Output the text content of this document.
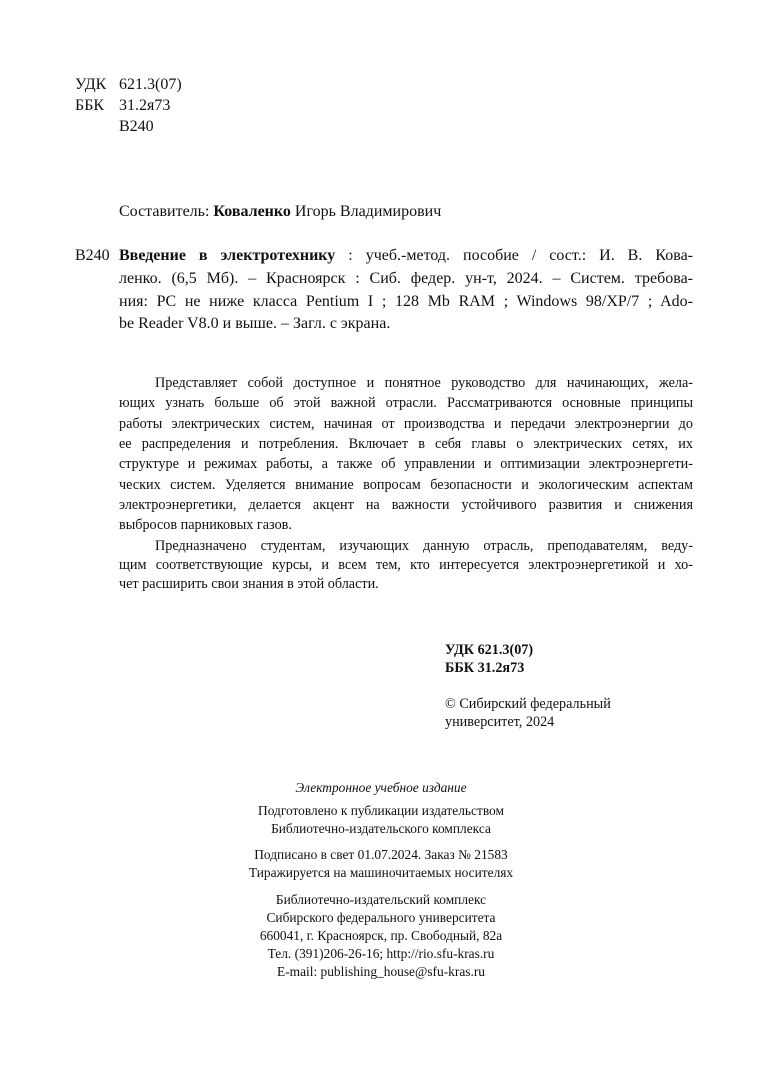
УДК 621.3(07)
ББК 31.2я73
В240
Составитель: Коваленко Игорь Владимирович
В240 Введение в электротехнику : учеб.-метод. пособие / сост.: И. В. Кова-
ленко. (6,5 Мб). – Красноярск : Сиб. федер. ун-т, 2024. – Систем. требова-
ния: PC не ниже класса Pentium I ; 128 Mb RAM ; Windows 98/XP/7 ; Ado-
be Reader V8.0 и выше. – Загл. с экрана.
Представляет собой доступное и понятное руководство для начинающих, жела-
ющих узнать больше об этой важной отрасли. Рассматриваются основные принципы
работы электрических систем, начиная от производства и передачи электроэнергии до
ее распределения и потребления. Включает в себя главы о электрических сетях, их
структуре и режимах работы, а также об управлении и оптимизации электроэнергети-
ческих систем. Уделяется внимание вопросам безопасности и экологическим аспектам
электроэнергетики, делается акцент на важности устойчивого развития и снижения
выбросов парниковых газов.
Предназначено студентам, изучающих данную отрасль, преподавателям, веду-
щим соответствующие курсы, и всем тем, кто интересуется электроэнергетикой и хо-
чет расширить свои знания в этой области.
УДК 621.3(07)
ББК 31.2я73
© Сибирский федеральный
университет, 2024
Электронное учебное издание
Подготовлено к публикации издательством
Библиотечно-издательского комплекса
Подписано в свет 01.07.2024. Заказ № 21583
Тиражируется на машиночитаемых носителях
Библиотечно-издательский комплекс
Сибирского федерального университета
660041, г. Красноярск, пр. Свободный, 82а
Тел. (391)206-26-16; http://rio.sfu-kras.ru
E-mail: publishing_house@sfu-kras.ru
